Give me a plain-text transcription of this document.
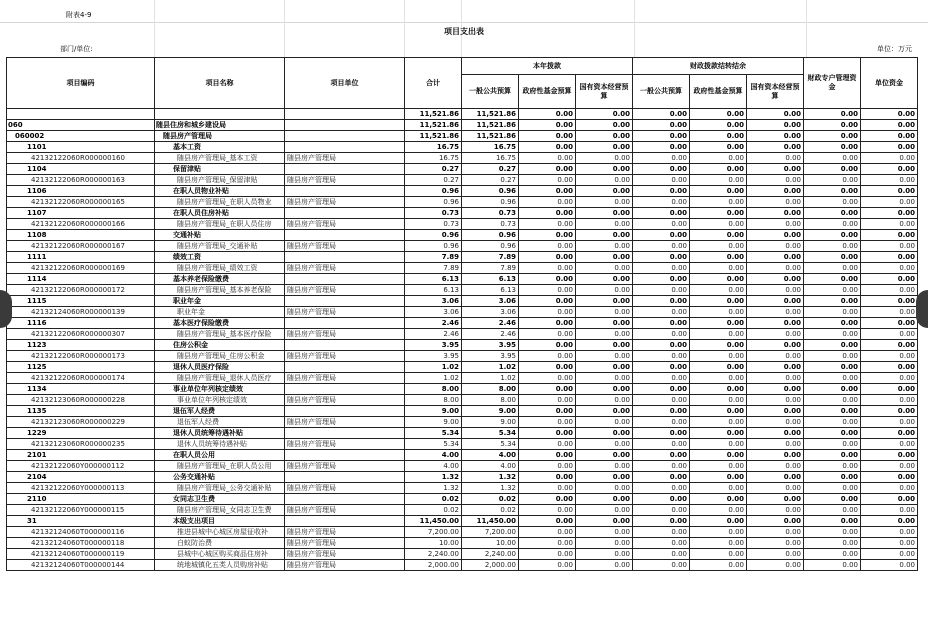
附表4-9
项目支出表
部门/单位:	单位：万元
项目编码	项目名称	项目单位	合计	本年拨款			财政拨款结转结余			财政专户管理资金	单位资金
				一般公共预算	政府性基金预算	国有资本经营预算	一般公共预算	政府性基金预算	国有资本经营预算		
			11,521.86	11,521.86	0.00	0.00	0.00	0.00	0.00	0.00	0.00
060	随县住房和城乡建设局		11,521.86	11,521.86	0.00	0.00	0.00	0.00	0.00	0.00	0.00
060002	随县房产管理局		11,521.86	11,521.86	0.00	0.00	0.00	0.00	0.00	0.00	0.00
1101	基本工资		16.75	16.75	0.00	0.00	0.00	0.00	0.00	0.00	0.00
42132122060R000000160	随县房产管理局_基本工资	随县房产管理局	16.75	16.75	0.00	0.00	0.00	0.00	0.00	0.00	0.00
1104	保留津贴		0.27	0.27	0.00	0.00	0.00	0.00	0.00	0.00	0.00
42132122060R000000163	随县房产管理局_保留津贴	随县房产管理局	0.27	0.27	0.00	0.00	0.00	0.00	0.00	0.00	0.00
1106	在职人员物业补贴		0.96	0.96	0.00	0.00	0.00	0.00	0.00	0.00	0.00
42132122060R000000165	随县房产管理局_在职人员物业	随县房产管理局	0.96	0.96	0.00	0.00	0.00	0.00	0.00	0.00	0.00
1107	在职人员住房补贴		0.73	0.73	0.00	0.00	0.00	0.00	0.00	0.00	0.00
42132122060R000000166	随县房产管理局_在职人员住房	随县房产管理局	0.73	0.73	0.00	0.00	0.00	0.00	0.00	0.00	0.00
1108	交通补贴		0.96	0.96	0.00	0.00	0.00	0.00	0.00	0.00	0.00
42132122060R000000167	随县房产管理局_交通补贴	随县房产管理局	0.96	0.96	0.00	0.00	0.00	0.00	0.00	0.00	0.00
1111	绩效工资		7.89	7.89	0.00	0.00	0.00	0.00	0.00	0.00	0.00
42132122060R000000169	随县房产管理局_绩效工资	随县房产管理局	7.89	7.89	0.00	0.00	0.00	0.00	0.00	0.00	0.00
1114	基本养老保险缴费		6.13	6.13	0.00	0.00	0.00	0.00	0.00	0.00	0.00
42132122060R000000172	随县房产管理局_基本养老保险	随县房产管理局	6.13	6.13	0.00	0.00	0.00	0.00	0.00	0.00	0.00
1115	职业年金		3.06	3.06	0.00	0.00	0.00	0.00	0.00	0.00	0.00
42132124060R000000139	职业年金	随县房产管理局	3.06	3.06	0.00	0.00	0.00	0.00	0.00	0.00	0.00
1116	基本医疗保险缴费		2.46	2.46	0.00	0.00	0.00	0.00	0.00	0.00	0.00
42132122060R000000307	随县房产管理局_基本医疗保险	随县房产管理局	2.46	2.46	0.00	0.00	0.00	0.00	0.00	0.00	0.00
1123	住房公积金		3.95	3.95	0.00	0.00	0.00	0.00	0.00	0.00	0.00
42132122060R000000173	随县房产管理局_住房公积金	随县房产管理局	3.95	3.95	0.00	0.00	0.00	0.00	0.00	0.00	0.00
1125	退休人员医疗保险		1.02	1.02	0.00	0.00	0.00	0.00	0.00	0.00	0.00
42132122060R000000174	随县房产管理局_退休人员医疗	随县房产管理局	1.02	1.02	0.00	0.00	0.00	0.00	0.00	0.00	0.00
1134	事业单位年列核定绩效		8.00	8.00	0.00	0.00	0.00	0.00	0.00	0.00	0.00
42132123060R000000228	事业单位年列核定绩效	随县房产管理局	8.00	8.00	0.00	0.00	0.00	0.00	0.00	0.00	0.00
1135	退伍军人经费		9.00	9.00	0.00	0.00	0.00	0.00	0.00	0.00	0.00
42132123060R000000229	退伍军人经费	随县房产管理局	9.00	9.00	0.00	0.00	0.00	0.00	0.00	0.00	0.00
1229	退休人员统筹待遇补贴		5.34	5.34	0.00	0.00	0.00	0.00	0.00	0.00	0.00
42132123060R000000235	退休人员统筹待遇补贴	随县房产管理局	5.34	5.34	0.00	0.00	0.00	0.00	0.00	0.00	0.00
2101	在职人员公用		4.00	4.00	0.00	0.00	0.00	0.00	0.00	0.00	0.00
42132122060Y000000112	随县房产管理局_在职人员公用	随县房产管理局	4.00	4.00	0.00	0.00	0.00	0.00	0.00	0.00	0.00
2104	公务交通补贴		1.32	1.32	0.00	0.00	0.00	0.00	0.00	0.00	0.00
42132122060Y000000113	随县房产管理局_公务交通补贴	随县房产管理局	1.32	1.32	0.00	0.00	0.00	0.00	0.00	0.00	0.00
2110	女同志卫生费		0.02	0.02	0.00	0.00	0.00	0.00	0.00	0.00	0.00
42132122060Y000000115	随县房产管理局_女同志卫生费	随县房产管理局	0.02	0.02	0.00	0.00	0.00	0.00	0.00	0.00	0.00
31	本级支出项目		11,450.00	11,450.00	0.00	0.00	0.00	0.00	0.00	0.00	0.00
42132124060T000000116	推进县城中心城区房屋征收补	随县房产管理局	7,200.00	7,200.00	0.00	0.00	0.00	0.00	0.00	0.00	0.00
42132124060T000000118	白蚁防治费	随县房产管理局	10.00	10.00	0.00	0.00	0.00	0.00	0.00	0.00	0.00
42132124060T000000119	县城中心城区购买商品住房补	随县房产管理局	2,240.00	2,240.00	0.00	0.00	0.00	0.00	0.00	0.00	0.00
42132124060T000000144	统地城镇化五类人员购房补贴	随县房产管理局	2,000.00	2,000.00	0.00	0.00	0.00	0.00	0.00	0.00	0.00
